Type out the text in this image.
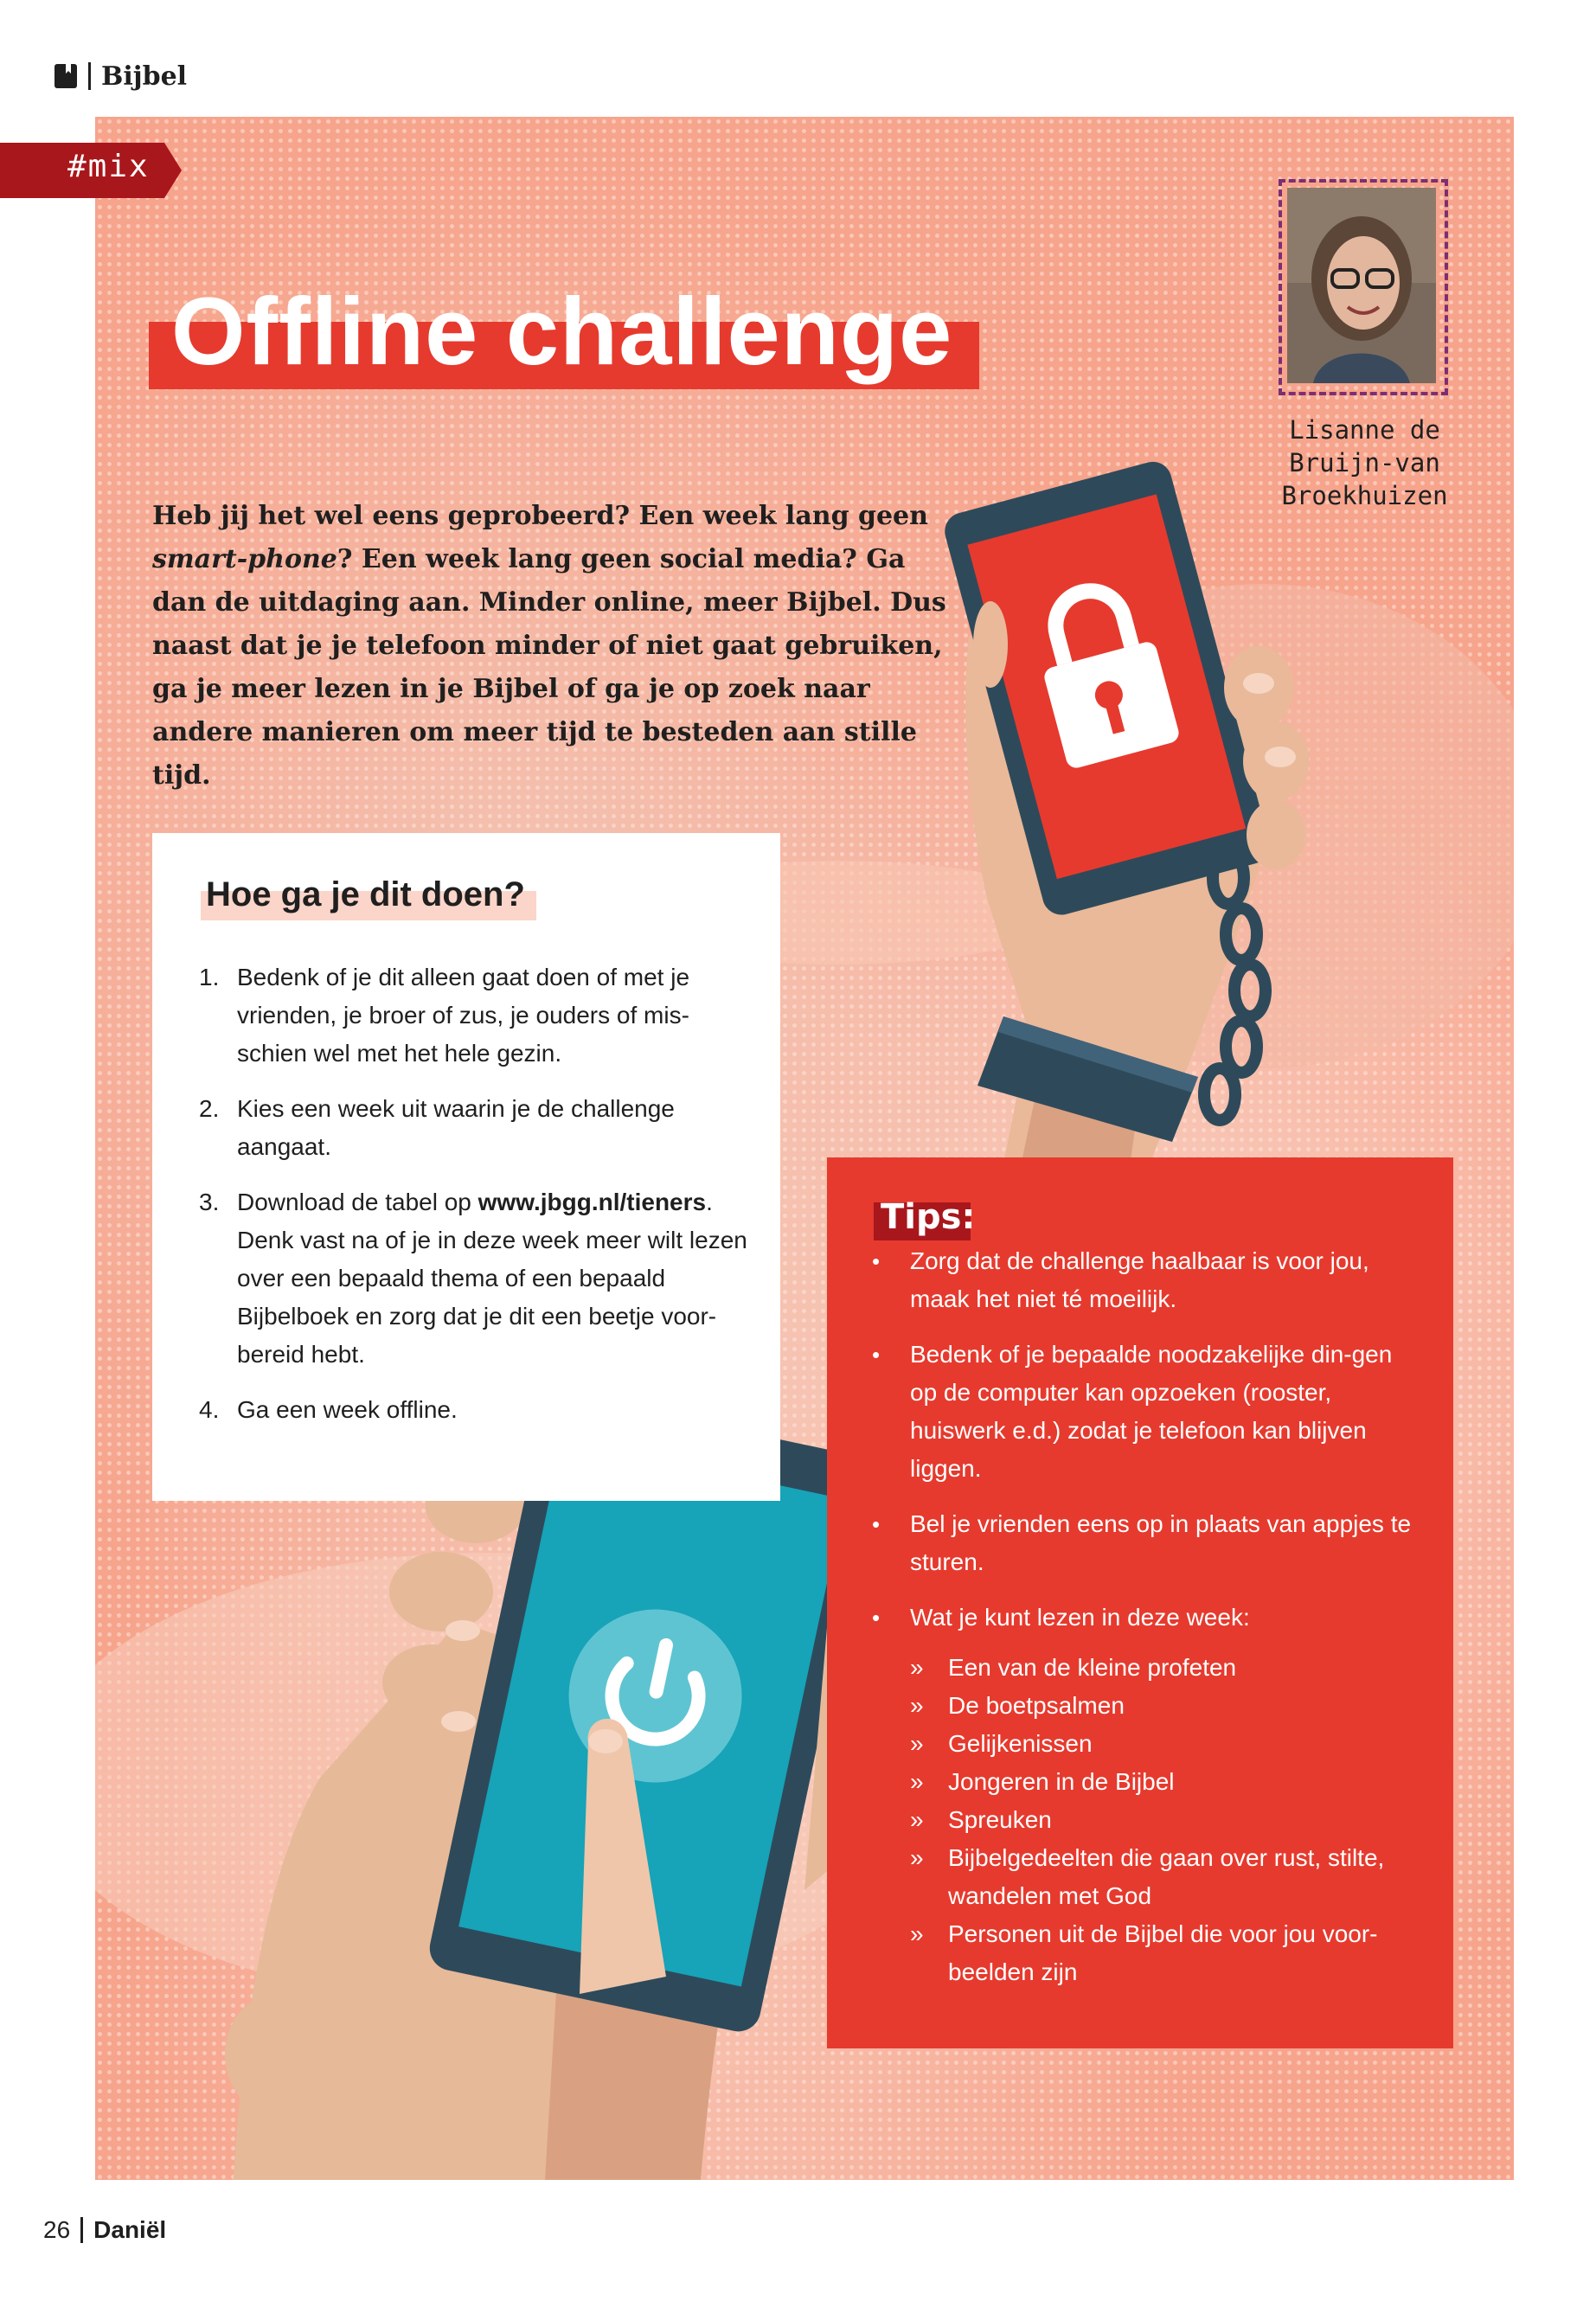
Bijbel
#mix
Offline challenge
Lisanne de
Bruijn-van
Broekhuizen

Heb jij het wel eens geprobeerd? Een week lang geen smart-phone? Een week lang geen social media? Ga dan de uitdaging aan. Minder online, meer Bijbel. Dus naast dat je je telefoon minder of niet gaat gebruiken, ga je meer lezen in je Bijbel of ga je op zoek naar andere manieren om meer tijd te besteden aan stille tijd.

Hoe ga je dit doen?
1. Bedenk of je dit alleen gaat doen of met je vrienden, je broer of zus, je ouders of mis-schien wel met het hele gezin.
2. Kies een week uit waarin je de challenge aangaat.
3. Download de tabel op www.jbgg.nl/tieners. Denk vast na of je in deze week meer wilt lezen over een bepaald thema of een bepaald Bijbelboek en zorg dat je dit een beetje voor-bereid hebt.
4. Ga een week offline.
Tips:
• Zorg dat de challenge haalbaar is voor jou, maak het niet té moeilijk.
• Bedenk of je bepaalde noodzakelijke din-gen op de computer kan opzoeken (rooster, huiswerk e.d.) zodat je telefoon kan blijven liggen.
• Bel je vrienden eens op in plaats van appjes te sturen.
• Wat je kunt lezen in deze week:
» Een van de kleine profeten
» De boetpsalmen
» Gelijkenissen
» Jongeren in de Bijbel
» Spreuken
» Bijbelgedeelten die gaan over rust, stilte, wandelen met God
» Personen uit de Bijbel die voor jou voor-beelden zijn
26 Daniël
